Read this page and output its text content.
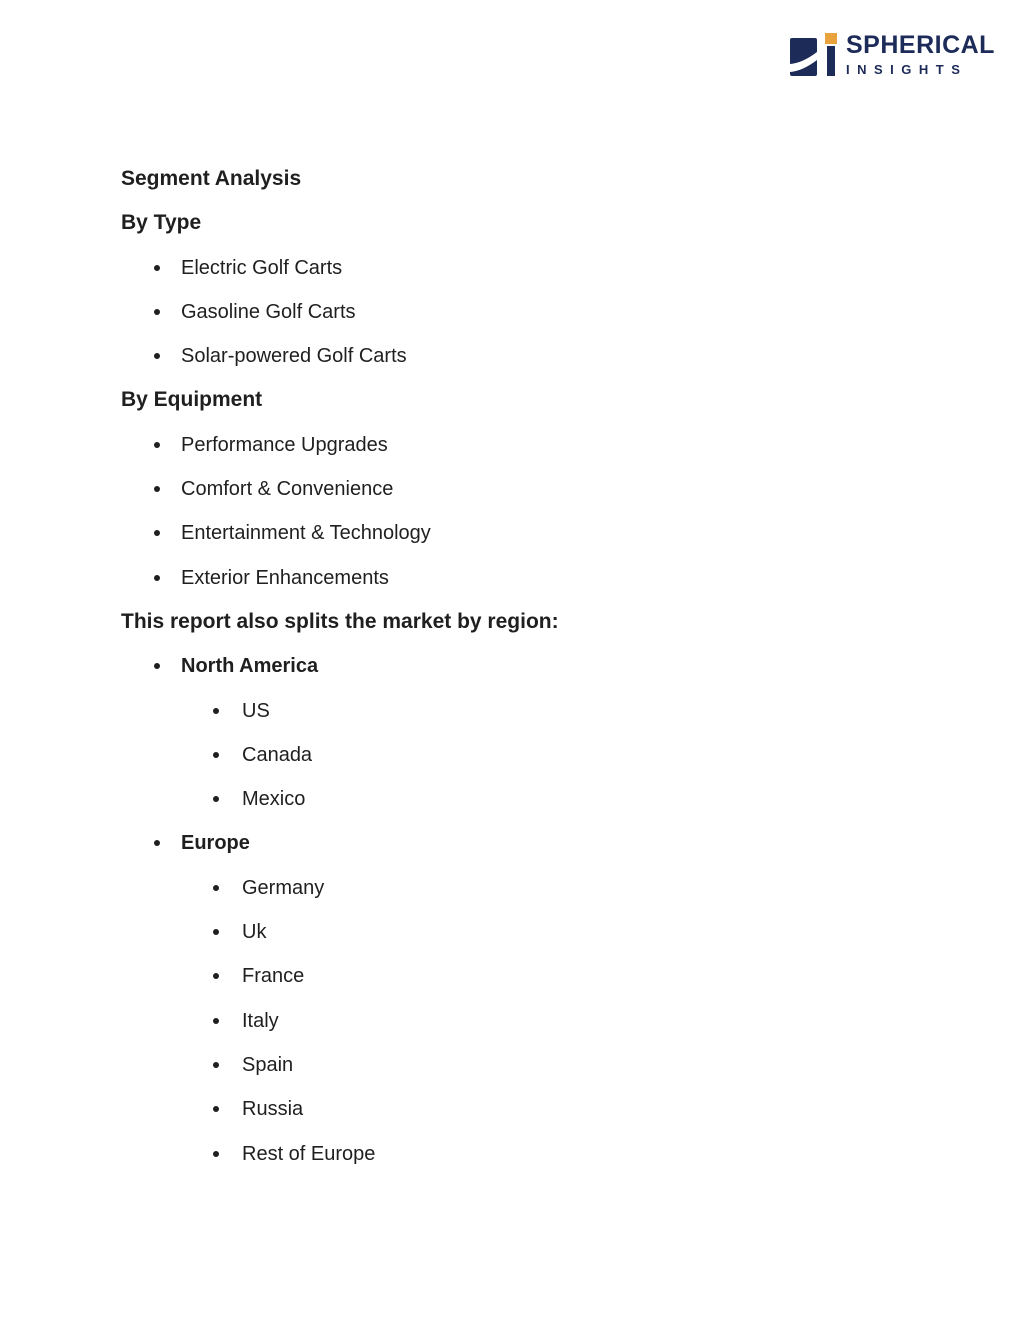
SPHERICAL
INSIGHTS
Segment Analysis
By Type
Electric Golf Carts
Gasoline Golf Carts
Solar-powered Golf Carts
By Equipment
Performance Upgrades
Comfort & Convenience
Entertainment & Technology
Exterior Enhancements
This report also splits the market by region:
North America
US
Canada
Mexico
Europe
Germany
Uk
France
Italy
Spain
Russia
Rest of Europe
